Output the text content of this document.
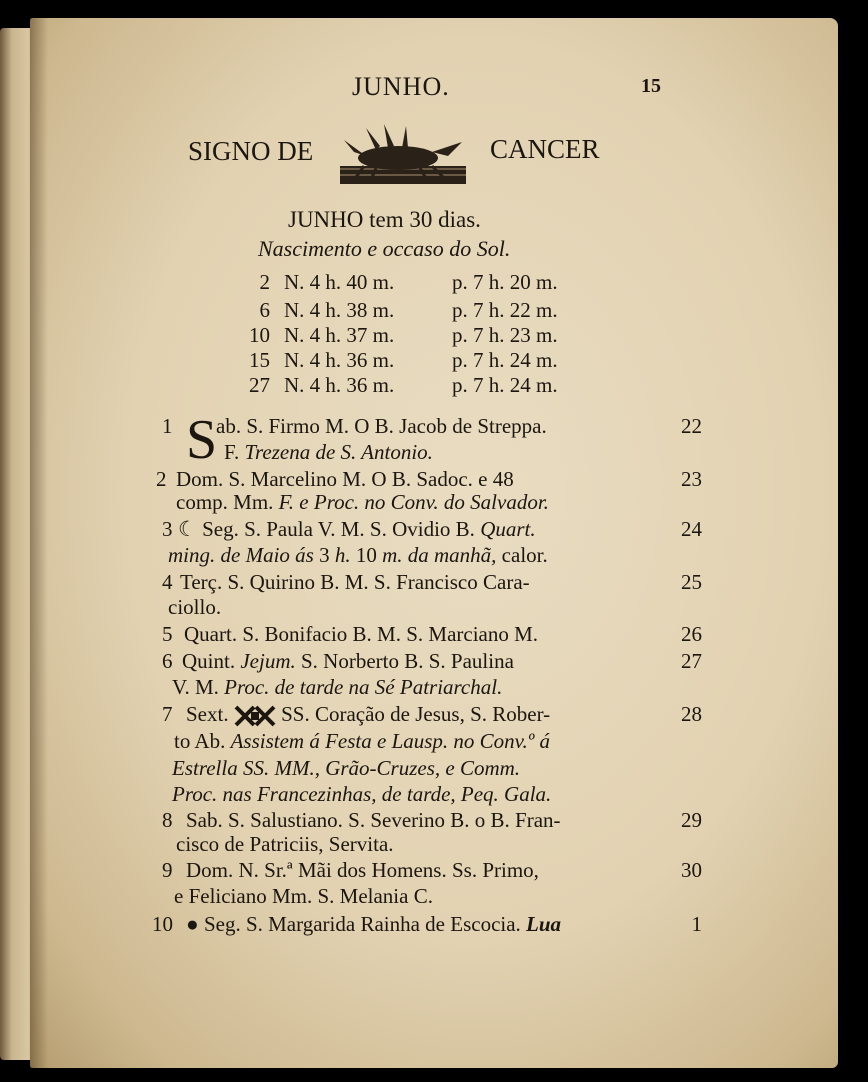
JUNHO.	15
SIGNO DE	CANCER
JUNHO tem 30 dias.
Nascimento e occaso do Sol.
2 N. 4 h. 40 m.	p. 7 h. 20 m.
6 N. 4 h. 38 m.	p. 7 h. 22 m.
10 N. 4 h. 37 m.	p. 7 h. 23 m.
15 N. 4 h. 36 m.	p. 7 h. 24 m.
27 N. 4 h. 36 m.	p. 7 h. 24 m.
S
1 ab. S. Firmo M. O B. Jacob de Streppa.	22
F. Trezena de S. Antonio.
2 Dom. S. Marcelino M. O B. Sadoc. e 48	23
comp. Mm. F. e Proc. no Conv. do Salvador.
3 ☾ Seg. S. Paula V. M. S. Ovidio B. Quart.	24
ming. de Maio ás 3 h. 10 m. da manhã, calor.
4 Terç. S. Quirino B. M. S. Francisco Cara-	25
ciollo.
5 Quart. S. Bonifacio B. M. S. Marciano M.	26
6 Quint. Jejum. S. Norberto B. S. Paulina	27
V. M. Proc. de tarde na Sé Patriarchal.
7 Sext.  SS. Coração de Jesus, S. Rober-	28
to Ab. Assistem á Festa e Lausp. no Conv.º á
Estrella SS. MM., Grão-Cruzes, e Comm.
Proc. nas Francezinhas, de tarde, Peq. Gala.
8 Sab. S. Salustiano. S. Severino B. o B. Fran-	29
cisco de Patriciis, Servita.
9 Dom. N. Sr.ª Mãi dos Homens. Ss. Primo,	30
e Feliciano Mm. S. Melania C.
10 ● Seg. S. Margarida Rainha de Escocia. Lua	1
